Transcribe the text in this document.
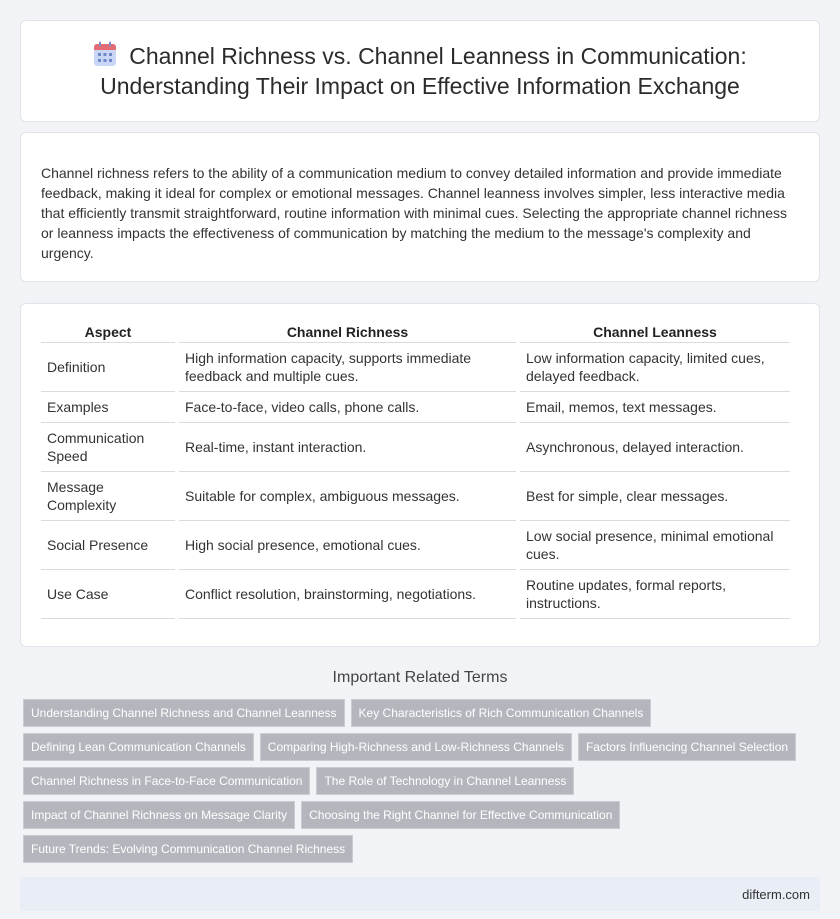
Channel Richness vs. Channel Leanness in Communication: Understanding Their Impact on Effective Information Exchange

Channel richness refers to the ability of a communication medium to convey detailed information and provide immediate feedback, making it ideal for complex or emotional messages. Channel leanness involves simpler, less interactive media that efficiently transmit straightforward, routine information with minimal cues. Selecting the appropriate channel richness or leanness impacts the effectiveness of communication by matching the medium to the message's complexity and urgency.

Aspect	Channel Richness	Channel Leanness
Definition	High information capacity, supports immediate feedback and multiple cues.	Low information capacity, limited cues, delayed feedback.
Examples	Face-to-face, video calls, phone calls.	Email, memos, text messages.
Communication Speed	Real-time, instant interaction.	Asynchronous, delayed interaction.
Message Complexity	Suitable for complex, ambiguous messages.	Best for simple, clear messages.
Social Presence	High social presence, emotional cues.	Low social presence, minimal emotional cues.
Use Case	Conflict resolution, brainstorming, negotiations.	Routine updates, formal reports, instructions.
Important Related Terms
Understanding Channel Richness and Channel Leanness	Key Characteristics of Rich Communication Channels
Defining Lean Communication Channels	Comparing High-Richness and Low-Richness Channels	Factors Influencing Channel Selection
Channel Richness in Face-to-Face Communication	The Role of Technology in Channel Leanness
Impact of Channel Richness on Message Clarity	Choosing the Right Channel for Effective Communication
Future Trends: Evolving Communication Channel Richness
difterm.com
